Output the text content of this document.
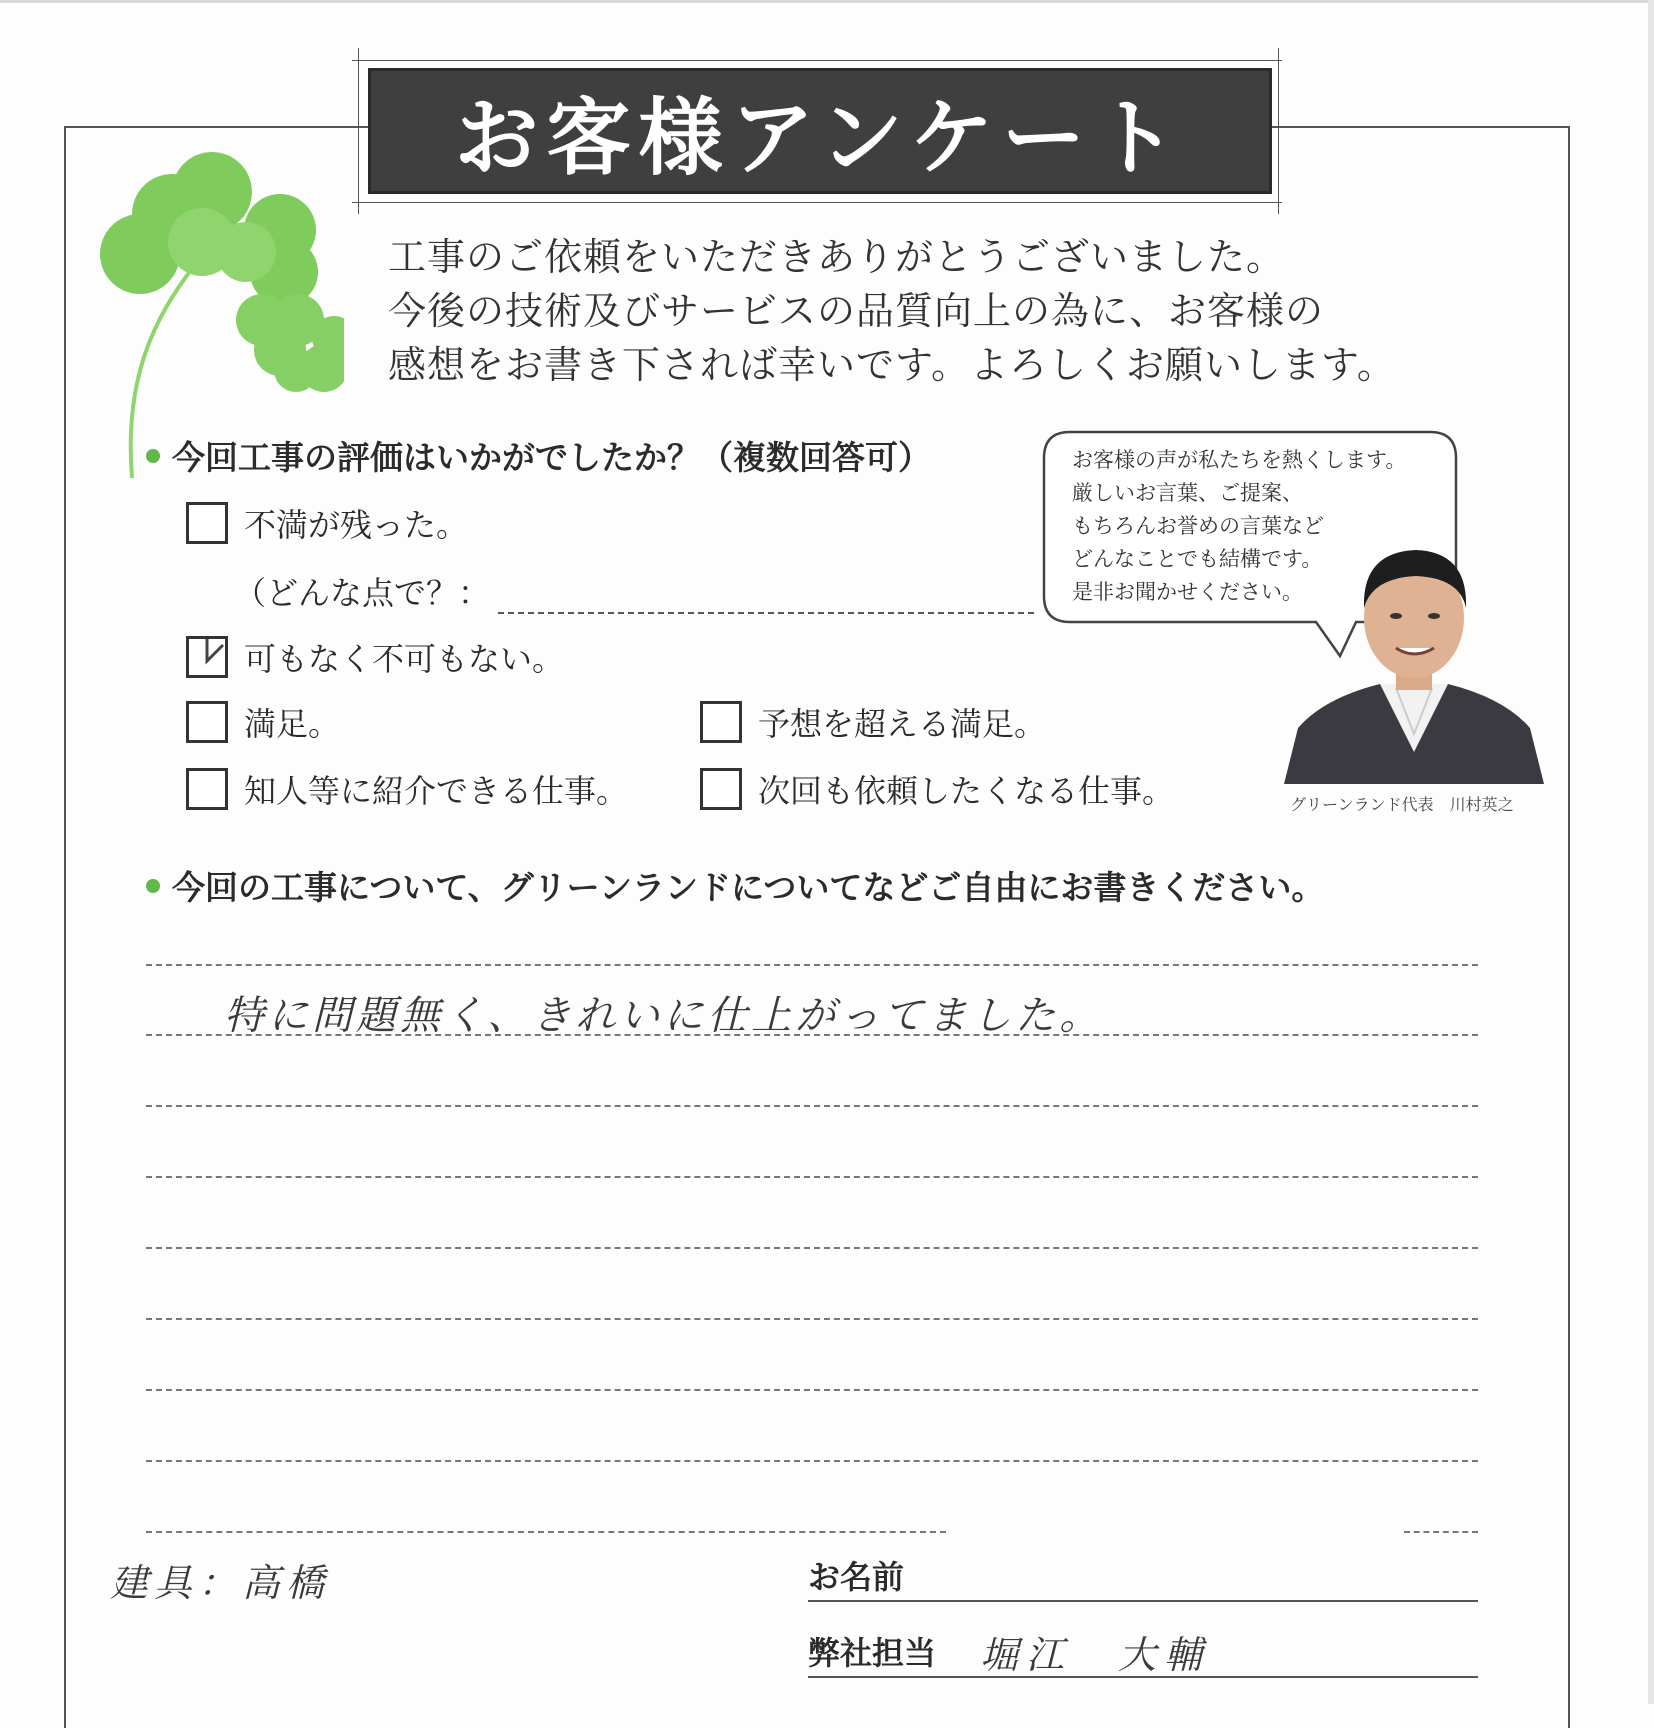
お客様アンケート
工事のご依頼をいただきありがとうございました。
今後の技術及びサービスの品質向上の為に、お客様の
感想をお書き下されば幸いです。よろしくお願いします。
今回工事の評価はいかがでしたか？（複数回答可）
不満が残った。
（どんな点で？：
可もなく不可もない。
満足。	予想を超える満足。
知人等に紹介できる仕事。	次回も依頼したくなる仕事。
お客様の声が私たちを熱くします。
厳しいお言葉、ご提案、
もちろんお誉めの言葉など
どんなことでも結構です。
是非お聞かせください。
グリーンランド代表　川村英之
今回の工事について、グリーンランドについてなどご自由にお書きください。
特に問題無く、きれいに仕上がってました。
建具：高橋	お名前
弊社担当 堀江　大輔
